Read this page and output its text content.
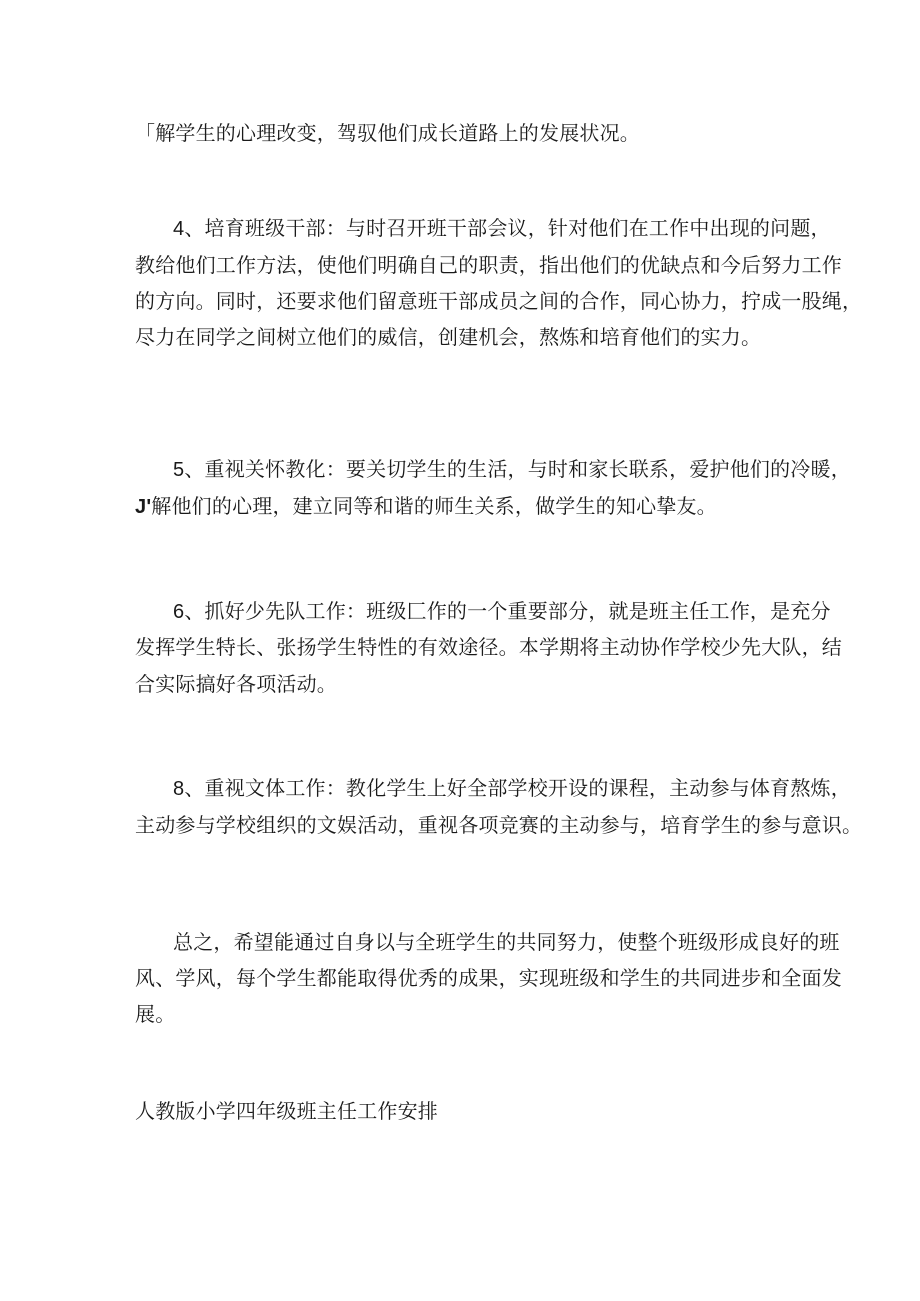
「解学生的心理改变，驾驭他们成长道路上的发展状况。
4、培育班级干部：与时召开班干部会议，针对他们在工作中出现的问题，
教给他们工作方法，使他们明确自己的职责，指出他们的优缺点和今后努力工作
的方向。同时，还要求他们留意班干部成员之间的合作，同心协力，拧成一股绳，
尽力在同学之间树立他们的威信，创建机会，熬炼和培育他们的实力。
5、重视关怀教化：要关切学生的生活，与时和家长联系，爱护他们的冷暖，
J'解他们的心理，建立同等和谐的师生关系，做学生的知心挚友。
6、抓好少先队工作：班级匚作的一个重要部分，就是班主任工作，是充分
发挥学生特长、张扬学生特性的有效途径。本学期将主动协作学校少先大队，结
合实际搞好各项活动。
8、重视文体工作：教化学生上好全部学校开设的课程，主动参与体育熬炼，
主动参与学校组织的文娱活动，重视各项竞赛的主动参与，培育学生的参与意识。
总之，希望能通过自身以与全班学生的共同努力，使整个班级形成良好的班
风、学风，每个学生都能取得优秀的成果，实现班级和学生的共同进步和全面发
展。
人教版小学四年级班主任工作安排
